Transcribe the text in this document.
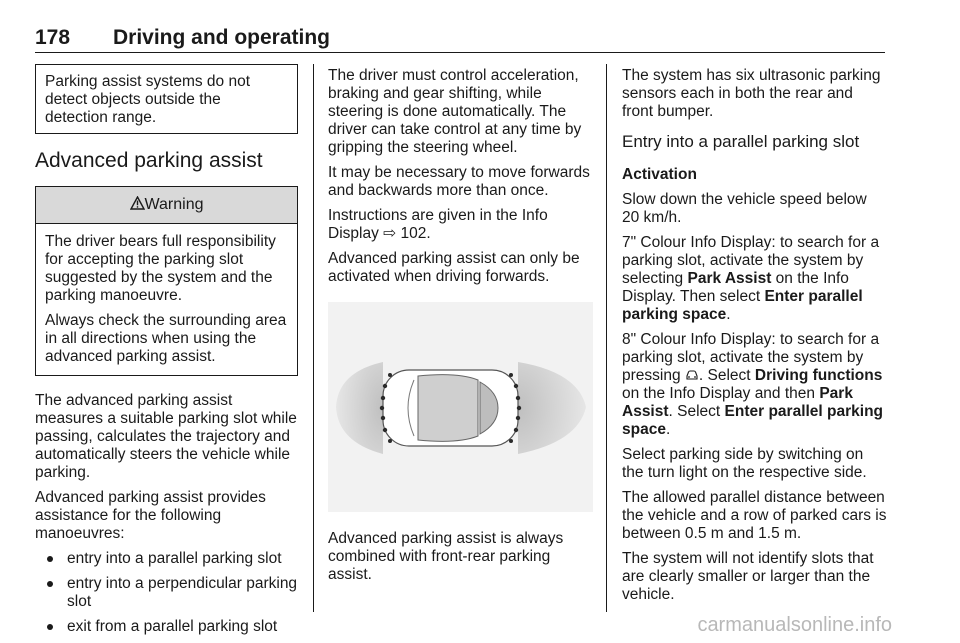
178 Driving and operating

Parking assist systems do not detect objects outside the detection range.

Advanced parking assist
Warning

The driver bears full responsibility for accepting the parking slot suggested by the system and the parking manoeuvre.

Always check the surrounding area in all directions when using the advanced parking assist.

The advanced parking assist measures a suitable parking slot while passing, calculates the trajectory and automatically steers the vehicle while parking.

Advanced parking assist provides assistance for the following manoeuvres:

entry into a parallel parking slot
entry into a perpendicular parking slot
exit from a parallel parking slot

The driver must control acceleration, braking and gear shifting, while steering is done automatically. The driver can take control at any time by gripping the steering wheel.

It may be necessary to move forwards and backwards more than once.

Instructions are given in the Info Display ⇨ 102.

Advanced parking assist can only be activated when driving forwards.

Advanced parking assist is always combined with front-rear parking assist.

The system has six ultrasonic parking sensors each in both the rear and front bumper.

Entry into a parallel parking slot

Activation

Slow down the vehicle speed below 20 km/h.

7" Colour Info Display: to search for a parking slot, activate the system by selecting Park Assist on the Info Display. Then select Enter parallel parking space.

8" Colour Info Display: to search for a parking slot, activate the system by pressing . Select Driving functions on the Info Display and then Park Assist. Select Enter parallel parking space.

Select parking side by switching on the turn light on the respective side.

The allowed parallel distance between the vehicle and a row of parked cars is between 0.5 m and 1.5 m.

The system will not identify slots that are clearly smaller or larger than the vehicle.

carmanualsonline.info
